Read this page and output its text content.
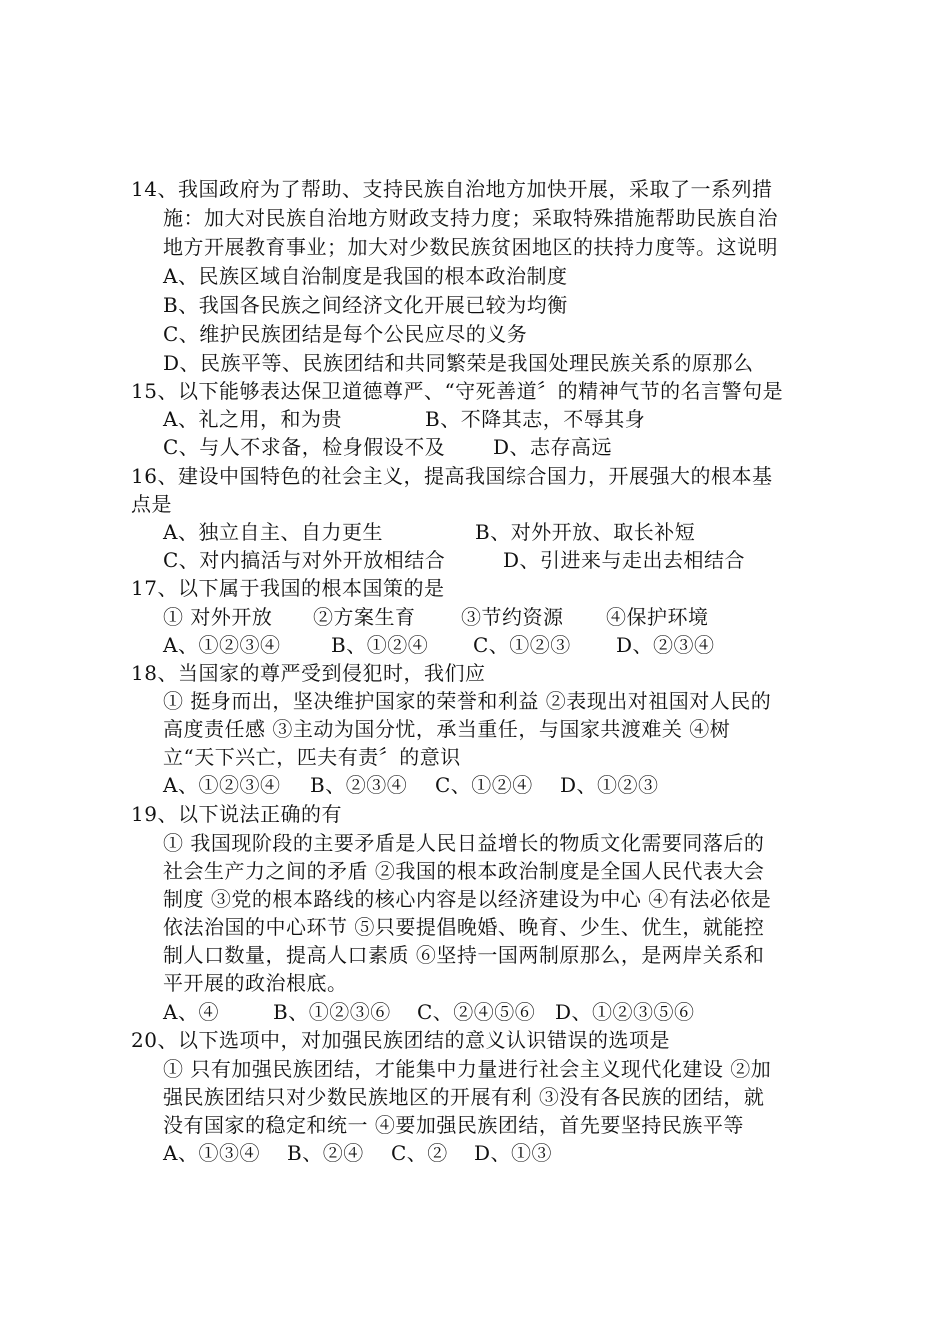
14、我国政府为了帮助、支持民族自治地方加快开展，采取了一系列措
施：加大对民族自治地方财政支持力度；采取特殊措施帮助民族自治
地方开展教育事业；加大对少数民族贫困地区的扶持力度等。这说明
A、民族区域自治制度是我国的根本政治制度
B、我国各民族之间经济文化开展已较为均衡
C、维护民族团结是每个公民应尽的义务
D、民族平等、民族团结和共同繁荣是我国处理民族关系的原那么
15、以下能够表达保卫道德尊严、“守死善道〞的精神气节的名言警句是
A、礼之用，和为贵	B、不降其志，不辱其身
C、与人不求备，检身假设不及 D、志存高远
16、建设中国特色的社会主义，提高我国综合国力，开展强大的根本基
点是
A、独立自主、自力更生	B、对外开放、取长补短
C、对内搞活与对外开放相结合	D、引进来与走出去相结合
17、以下属于我国的根本国策的是
① 对外开放 ②方案生育 ③节约资源 ④保护环境
A、①②③④	B、①②④ C、①②③ D、②③④
18、当国家的尊严受到侵犯时，我们应
① 挺身而出，坚决维护国家的荣誉和利益 ②表现出对祖国对人民的
高度责任感 ③主动为国分忧，承当重任，与国家共渡难关 ④树
立“天下兴亡，匹夫有责〞的意识
A、①②③④ B、②③④ C、①②④ D、①②③
19、以下说法正确的有
① 我国现阶段的主要矛盾是人民日益增长的物质文化需要同落后的
社会生产力之间的矛盾 ②我国的根本政治制度是全国人民代表大会
制度 ③党的根本路线的核心内容是以经济建设为中心 ④有法必依是
依法治国的中心环节 ⑤只要提倡晚婚、晚育、少生、优生，就能控
制人口数量，提高人口素质 ⑥坚持一国两制原那么，是两岸关系和
平开展的政治根底。
A、④	B、①②③⑥ C、②④⑤⑥ D、①②③⑤⑥
20、以下选项中，对加强民族团结的意义认识错误的选项是
① 只有加强民族团结，才能集中力量进行社会主义现代化建设 ②加
强民族团结只对少数民族地区的开展有利 ③没有各民族的团结，就
没有国家的稳定和统一 ④要加强民族团结，首先要坚持民族平等
A、①③④ B、②④ C、② D、①③
